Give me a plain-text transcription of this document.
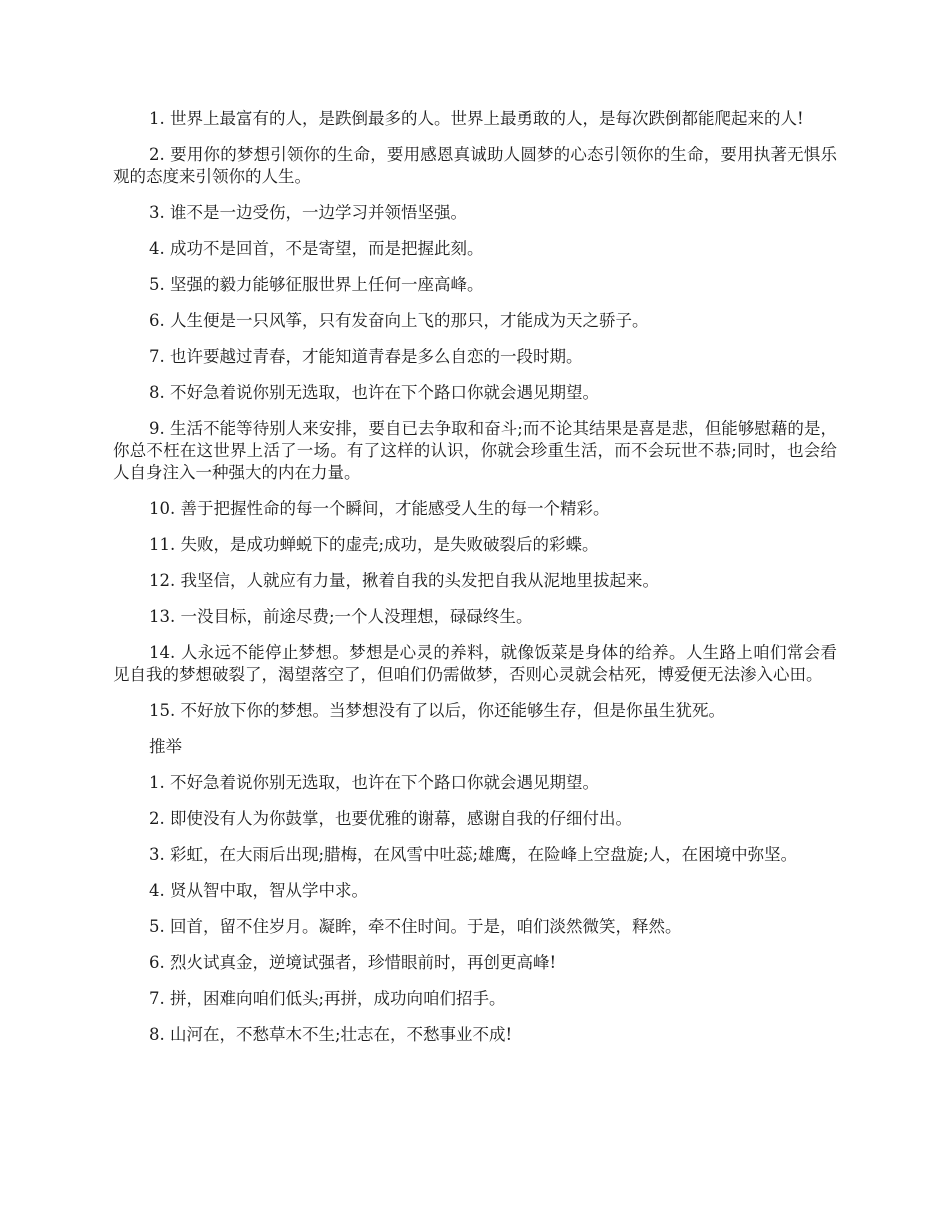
1. 世界上最富有的人，是跌倒最多的人。世界上最勇敢的人，是每次跌倒都能爬起来的人!

2. 要用你的梦想引领你的生命，要用感恩真诚助人圆梦的心态引领你的生命，要用执著无惧乐观的态度来引领你的人生。

3. 谁不是一边受伤，一边学习并领悟坚强。

4. 成功不是回首，不是寄望，而是把握此刻。

5. 坚强的毅力能够征服世界上任何一座高峰。

6. 人生便是一只风筝，只有发奋向上飞的那只，才能成为天之骄子。

7. 也许要越过青春，才能知道青春是多么自恋的一段时期。

8. 不好急着说你别无选取，也许在下个路口你就会遇见期望。

9. 生活不能等待别人来安排，要自已去争取和奋斗;而不论其结果是喜是悲，但能够慰藉的是，你总不枉在这世界上活了一场。有了这样的认识，你就会珍重生活，而不会玩世不恭;同时，也会给人自身注入一种强大的内在力量。

10. 善于把握性命的每一个瞬间，才能感受人生的每一个精彩。

11. 失败，是成功蝉蜕下的虚壳;成功，是失败破裂后的彩蝶。

12. 我坚信，人就应有力量，揪着自我的头发把自我从泥地里拔起来。

13. 一没目标，前途尽费;一个人没理想，碌碌终生。

14. 人永远不能停止梦想。梦想是心灵的养料，就像饭菜是身体的给养。人生路上咱们常会看见自我的梦想破裂了，渴望落空了，但咱们仍需做梦，否则心灵就会枯死，博爱便无法渗入心田。

15. 不好放下你的梦想。当梦想没有了以后，你还能够生存，但是你虽生犹死。

推举

1. 不好急着说你别无选取，也许在下个路口你就会遇见期望。

2. 即使没有人为你鼓掌，也要优雅的谢幕，感谢自我的仔细付出。

3. 彩虹，在大雨后出现;腊梅，在风雪中吐蕊;雄鹰，在险峰上空盘旋;人，在困境中弥坚。

4. 贤从智中取，智从学中求。

5. 回首，留不住岁月。凝眸，牵不住时间。于是，咱们淡然微笑，释然。

6. 烈火试真金，逆境试强者，珍惜眼前时，再创更高峰!

7. 拼，困难向咱们低头;再拼，成功向咱们招手。

8. 山河在，不愁草木不生;壮志在，不愁事业不成!
